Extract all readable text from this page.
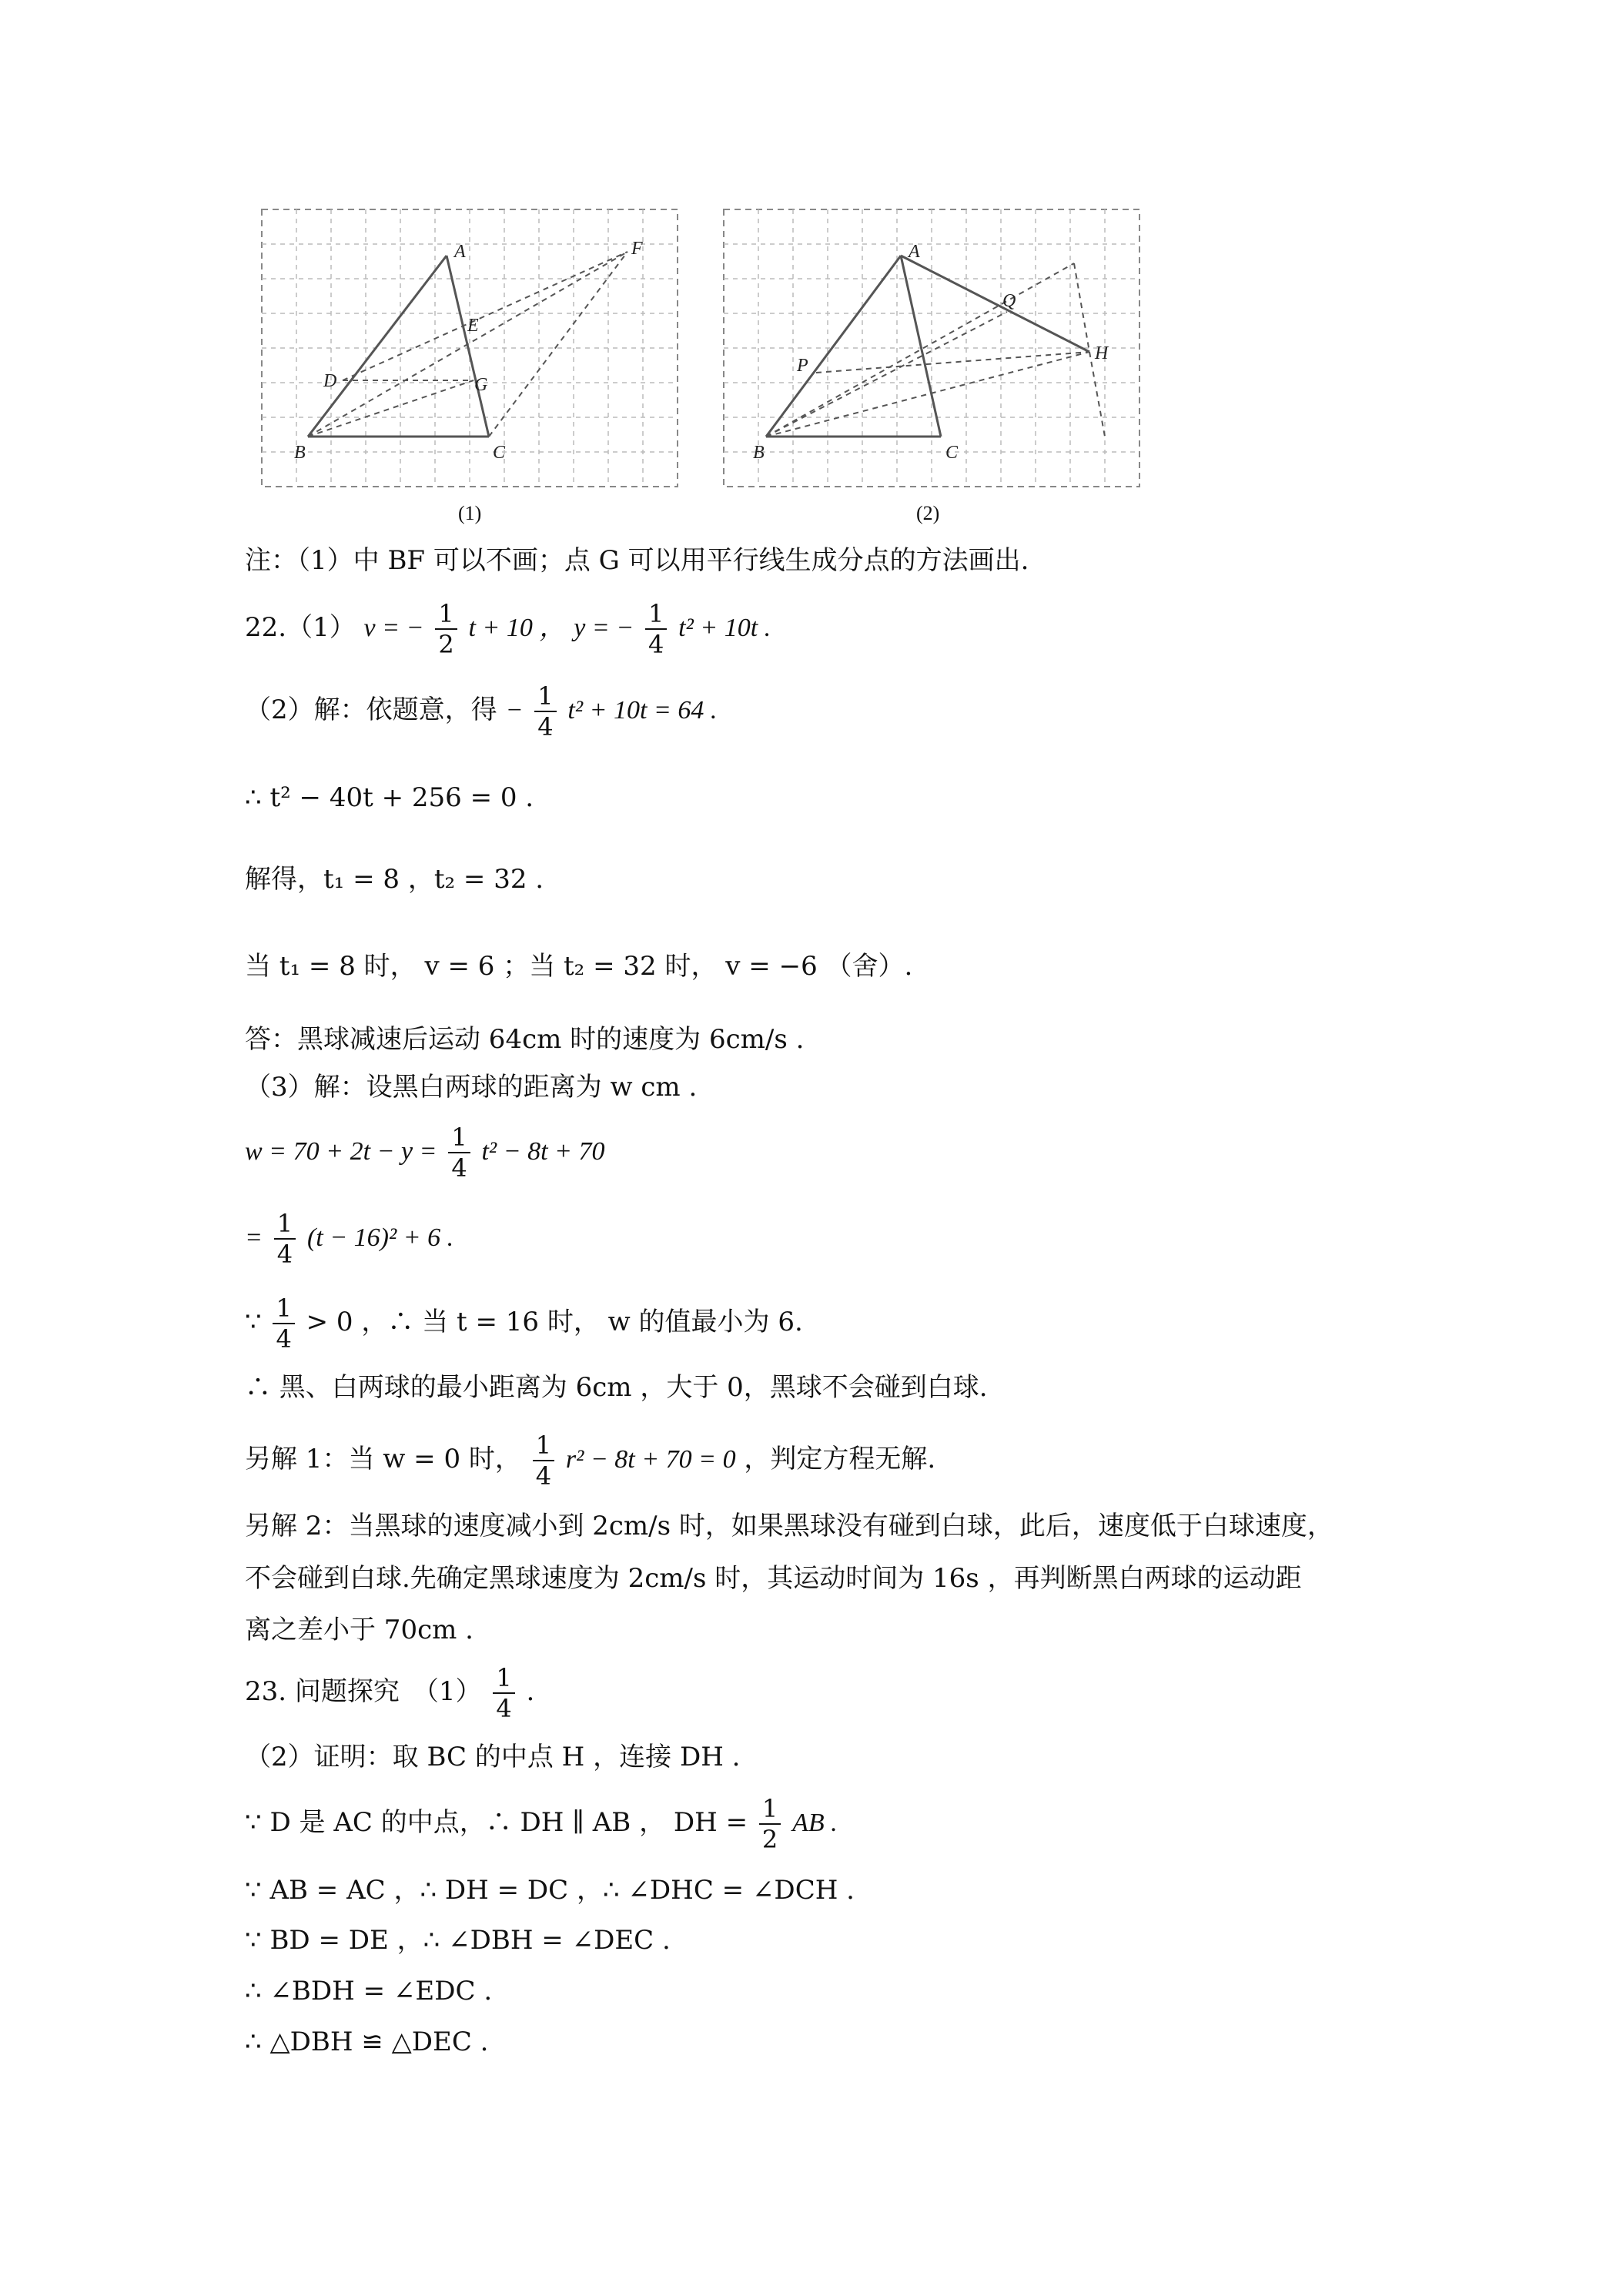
A
B	C
D
E
F
G
(1)
A
B	C
P
Q
H
(2)
注：（1）中 BF 可以不画；点 G 可以用平行线生成分点的方法画出.
22.（1） v = − $\frac{1}{2}$ t + 10 ， y = − $\frac{1}{4} t^2 + 10t$ .
（2）解：依题意，得 − $\frac{1}{4} t^2 + 10t = 64$ .
∴ t² − 40t + 256 = 0 .
解得，t₁ = 8 ，t₂ = 32 .
当 t₁ = 8 时， v = 6 ；当 t₂ = 32 时， v = −6 （舍）.
答：黑球减速后运动 64cm 时的速度为 6cm/s .
（3）解：设黑白两球的距离为 w cm .
$w = 70 + 2t - y = \frac{1}{4} t^2 - 8t + 70$
= $\frac{1}{4} (t - 16)^2 + 6$ .
∵ $\frac{1}{4} > 0$ ，∴ 当 t = 16 时， w 的值最小为 6.
∴ 黑、白两球的最小距离为 6cm ，大于 0，黑球不会碰到白球.
另解 1：当 w = 0 时， $\frac{1}{4} r^2 - 8t + 70 = 0$ ，判定方程无解.
另解 2：当黑球的速度减小到 2cm/s 时，如果黑球没有碰到白球，此后，速度低于白球速度，
不会碰到白球.先确定黑球速度为 2cm/s 时，其运动时间为 16s ，再判断黑白两球的运动距
离之差小于 70cm .
23. 问题探究　$(1) \frac{1}{4}$ .
（2）证明：取 BC 的中点 H ，连接 DH .
∵ D 是 AC 的中点，∴ DH ∥ AB ， DH = $\frac{1}{2}$ AB .
∵ AB = AC ，∴ DH = DC ，∴ ∠DHC = ∠DCH .
∵ BD = DE ，∴ ∠DBH = ∠DEC .
∴ ∠BDH = ∠EDC .
∴ △DBH ≌ △DEC .
